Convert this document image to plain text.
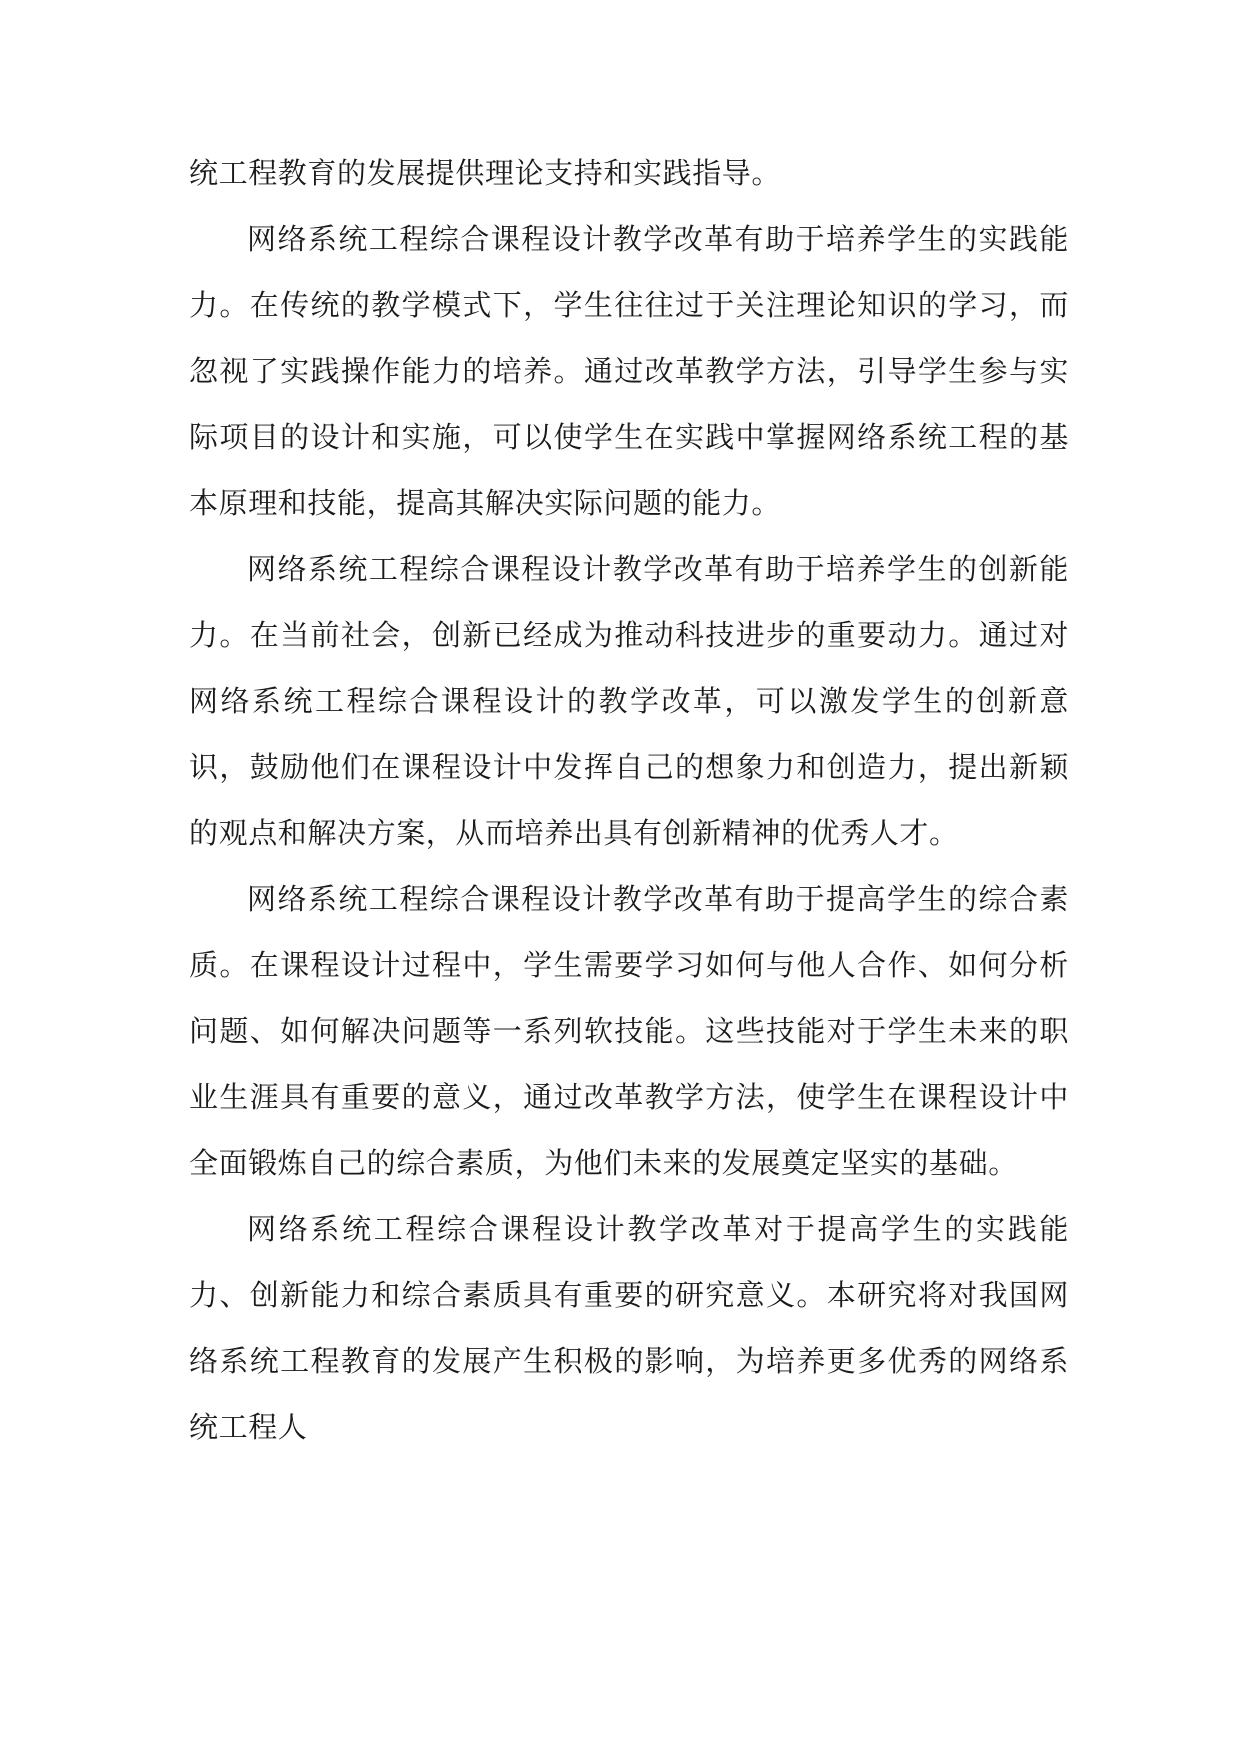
统工程教育的发展提供理论支持和实践指导。

网络系统工程综合课程设计教学改革有助于培养学生的实践能力。在传统的教学模式下，学生往往过于关注理论知识的学习，而忽视了实践操作能力的培养。通过改革教学方法，引导学生参与实际项目的设计和实施，可以使学生在实践中掌握网络系统工程的基本原理和技能，提高其解决实际问题的能力。

网络系统工程综合课程设计教学改革有助于培养学生的创新能力。在当前社会，创新已经成为推动科技进步的重要动力。通过对网络系统工程综合课程设计的教学改革，可以激发学生的创新意识，鼓励他们在课程设计中发挥自己的想象力和创造力，提出新颖的观点和解决方案，从而培养出具有创新精神的优秀人才。

网络系统工程综合课程设计教学改革有助于提高学生的综合素质。在课程设计过程中，学生需要学习如何与他人合作、如何分析问题、如何解决问题等一系列软技能。这些技能对于学生未来的职业生涯具有重要的意义，通过改革教学方法，使学生在课程设计中全面锻炼自己的综合素质，为他们未来的发展奠定坚实的基础。

网络系统工程综合课程设计教学改革对于提高学生的实践能力、创新能力和综合素质具有重要的研究意义。本研究将对我国网络系统工程教育的发展产生积极的影响，为培养更多优秀的网络系统工程人
